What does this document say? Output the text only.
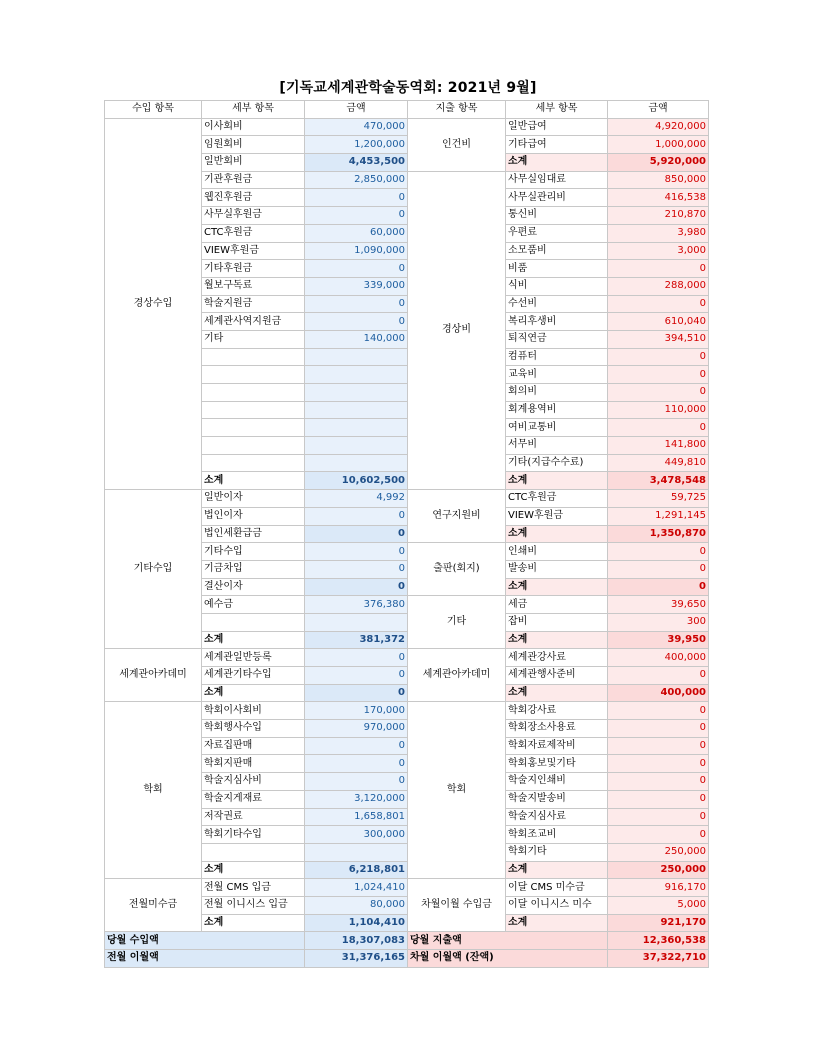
[기독교세계관학술동역회: 2021년 9월]
수입 항목	세부 항목	금액	지출 항목	세부 항목	금액
경상수입	이사회비	470,000	인건비	일반급여	4,920,000
	임원회비	1,200,000		기타급여	1,000,000
	일반회비	4,453,500		소계	5,920,000
	기관후원금	2,850,000	경상비	사무실임대료	850,000
	웹진후원금	0		사무실관리비	416,538
	사무실후원금	0		통신비	210,870
	CTC후원금	60,000		우편료	3,980
	VIEW후원금	1,090,000		소모품비	3,000
	기타후원금	0		비품	0
	월보구독료	339,000		식비	288,000
	학술지원금	0		수선비	0
	세계관사역지원금	0		복리후생비	610,040
	기타	140,000		퇴직연금	394,510
				컴퓨터	0
				교육비	0
				회의비	0
				회계용역비	110,000
				여비교통비	0
				서무비	141,800
				기타(지급수수료)	449,810
	소계	10,602,500		소계	3,478,548
기타수입	일반이자	4,992	연구지원비	CTC후원금	59,725
	법인이자	0		VIEW후원금	1,291,145
	법인세환급금	0		소계	1,350,870
	기타수입	0	출판(회지)	인쇄비	0
	기금차입	0		발송비	0
	결산이자	0		소계	0
	예수금	376,380	기타	세금	39,650
				잡비	300
	소계	381,372		소계	39,950
세계관아카데미	세계관일반등록	0	세계관아카데미	세계관강사료	400,000
	세계관기타수입	0		세계관행사준비	0
	소계	0		소계	400,000
학회	학회이사회비	170,000	학회	학회강사료	0
	학회행사수입	970,000		학회장소사용료	0
	자료집판매	0		학회자료제작비	0
	학회지판매	0		학회홍보및기타	0
	학술지심사비	0		학술지인쇄비	0
	학술지게재료	3,120,000		학술지발송비	0
	저작권료	1,658,801		학술지심사료	0
	학회기타수입	300,000		학회조교비	0
				학회기타	250,000
	소계	6,218,801		소계	250,000
전월미수금	전월 CMS 입금	1,024,410	차월이월 수입금	이달 CMS 미수금	916,170
	전월 이니시스 입금	80,000		이달 이니시스 미수	5,000
	소계	1,104,410		소계	921,170
당월 수입액		18,307,083	당월 지출액		12,360,538
전월 이월액		31,376,165	차월 이월액 (잔액)		37,322,710
